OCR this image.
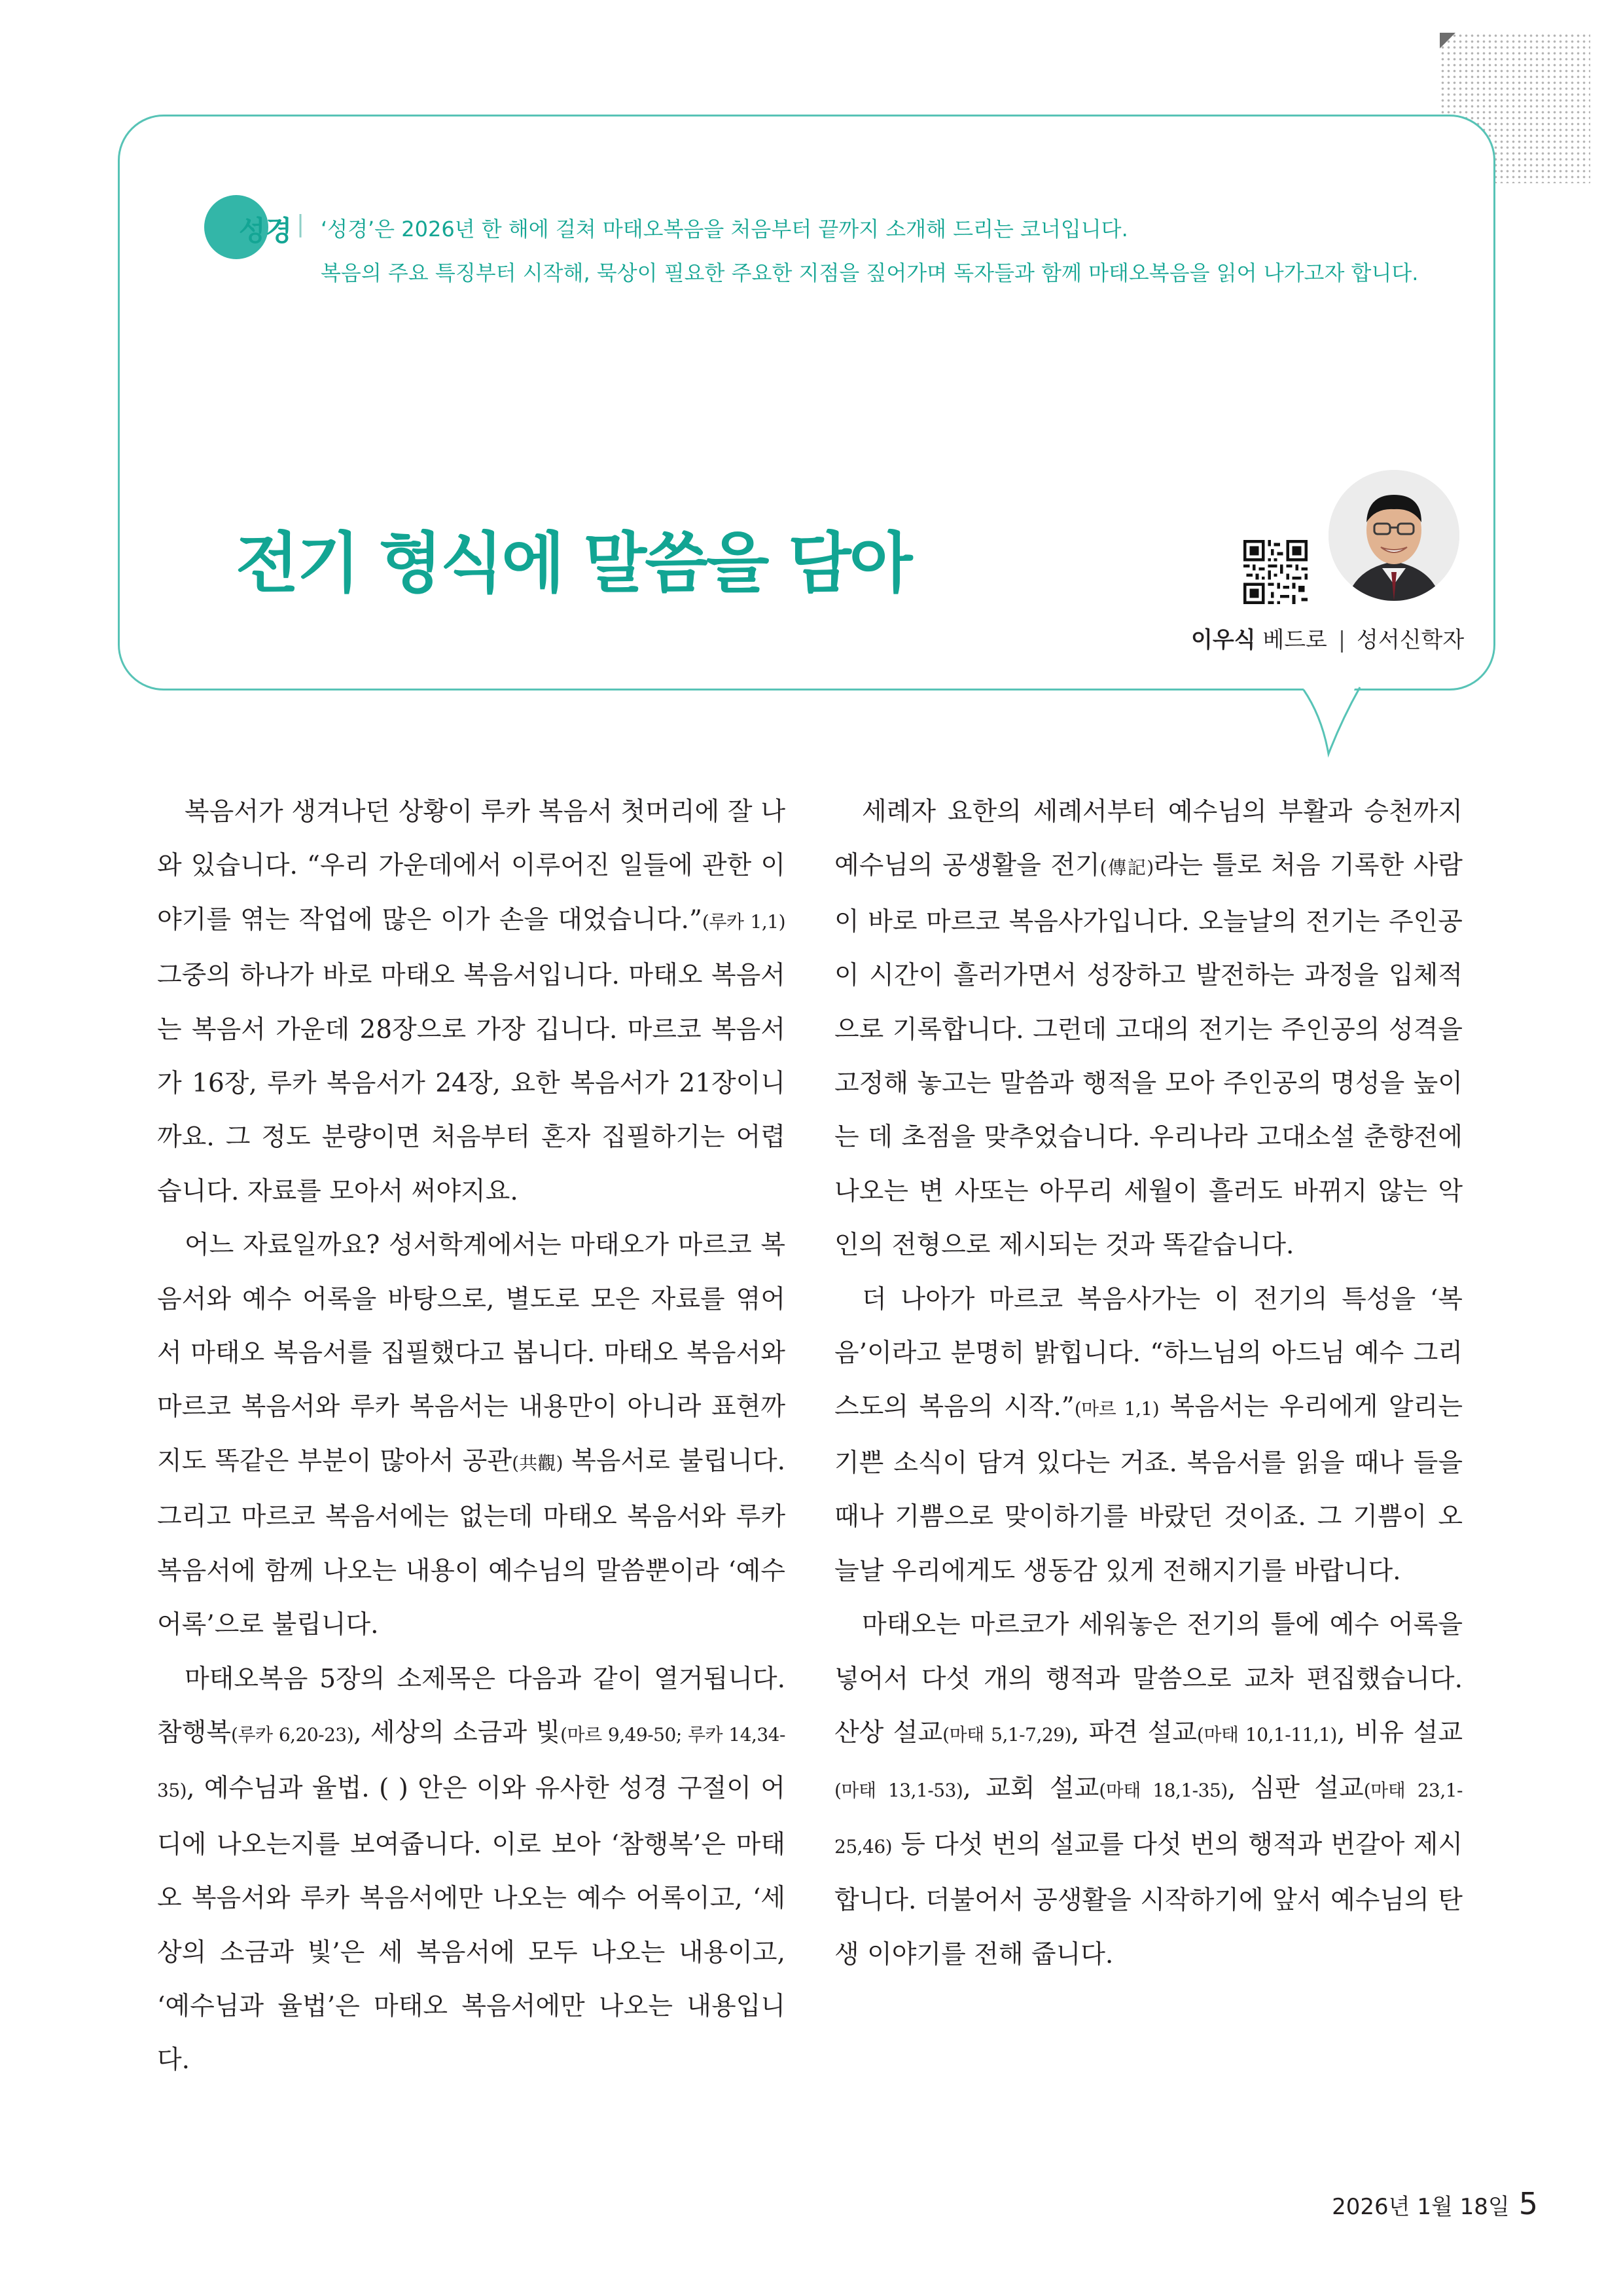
성경 | ‘성경’은 2026년 한 해에 걸쳐 마태오복음을 처음부터 끝까지 소개해 드리는 코너입니다.
복음의 주요 특징부터 시작해, 묵상이 필요한 주요한 지점을 짚어가며 독자들과 함께 마태오복음을 읽어 나가고자 합니다.
전기 형식에 말씀을 담아
이우식 베드로 | 성서신학자

복음서가 생겨나던 상황이 루카 복음서 첫머리에 잘 나와 있습니다. “우리 가운데에서 이루어진 일들에 관한 이야기를 엮는 작업에 많은 이가 손을 대었습니다.”(루카 1,1) 그중의 하나가 바로 마태오 복음서입니다. 마태오 복음서는 복음서 가운데 28장으로 가장 깁니다. 마르코 복음서가 16장, 루카 복음서가 24장, 요한 복음서가 21장이니까요. 그 정도 분량이면 처음부터 혼자 집필하기는 어렵습니다. 자료를 모아서 써야지요.

어느 자료일까요? 성서학계에서는 마태오가 마르코 복음서와 예수 어록을 바탕으로, 별도로 모은 자료를 엮어서 마태오 복음서를 집필했다고 봅니다. 마태오 복음서와 마르코 복음서와 루카 복음서는 내용만이 아니라 표현까지도 똑같은 부분이 많아서 공관(共觀) 복음서로 불립니다. 그리고 마르코 복음서에는 없는데 마태오 복음서와 루카 복음서에 함께 나오는 내용이 예수님의 말씀뿐이라 ‘예수 어록’으로 불립니다.

마태오복음 5장의 소제목은 다음과 같이 열거됩니다. 참행복(루카 6,20-23), 세상의 소금과 빛(마르 9,49-50; 루카 14,34-35), 예수님과 율법. ( ) 안은 이와 유사한 성경 구절이 어디에 나오는지를 보여줍니다. 이로 보아 ‘참행복’은 마태오 복음서와 루카 복음서에만 나오는 예수 어록이고, ‘세상의 소금과 빛’은 세 복음서에 모두 나오는 내용이고, ‘예수님과 율법’은 마태오 복음서에만 나오는 내용입니다.

세례자 요한의 세례서부터 예수님의 부활과 승천까지 예수님의 공생활을 전기(傳記)라는 틀로 처음 기록한 사람이 바로 마르코 복음사가입니다. 오늘날의 전기는 주인공이 시간이 흘러가면서 성장하고 발전하는 과정을 입체적으로 기록합니다. 그런데 고대의 전기는 주인공의 성격을 고정해 놓고는 말씀과 행적을 모아 주인공의 명성을 높이는 데 초점을 맞추었습니다. 우리나라 고대소설 춘향전에 나오는 변 사또는 아무리 세월이 흘러도 바뀌지 않는 악인의 전형으로 제시되는 것과 똑같습니다.

더 나아가 마르코 복음사가는 이 전기의 특성을 ‘복음’이라고 분명히 밝힙니다. “하느님의 아드님 예수 그리스도의 복음의 시작.”(마르 1,1) 복음서는 우리에게 알리는 기쁜 소식이 담겨 있다는 거죠. 복음서를 읽을 때나 들을 때나 기쁨으로 맞이하기를 바랐던 것이죠. 그 기쁨이 오늘날 우리에게도 생동감 있게 전해지기를 바랍니다.

마태오는 마르코가 세워놓은 전기의 틀에 예수 어록을 넣어서 다섯 개의 행적과 말씀으로 교차 편집했습니다. 산상 설교(마태 5,1-7,29), 파견 설교(마태 10,1-11,1), 비유 설교(마태 13,1-53), 교회 설교(마태 18,1-35), 심판 설교(마태 23,1-25,46) 등 다섯 번의 설교를 다섯 번의 행적과 번갈아 제시합니다. 더불어서 공생활을 시작하기에 앞서 예수님의 탄생 이야기를 전해 줍니다.

2026년 1월 18일 5
